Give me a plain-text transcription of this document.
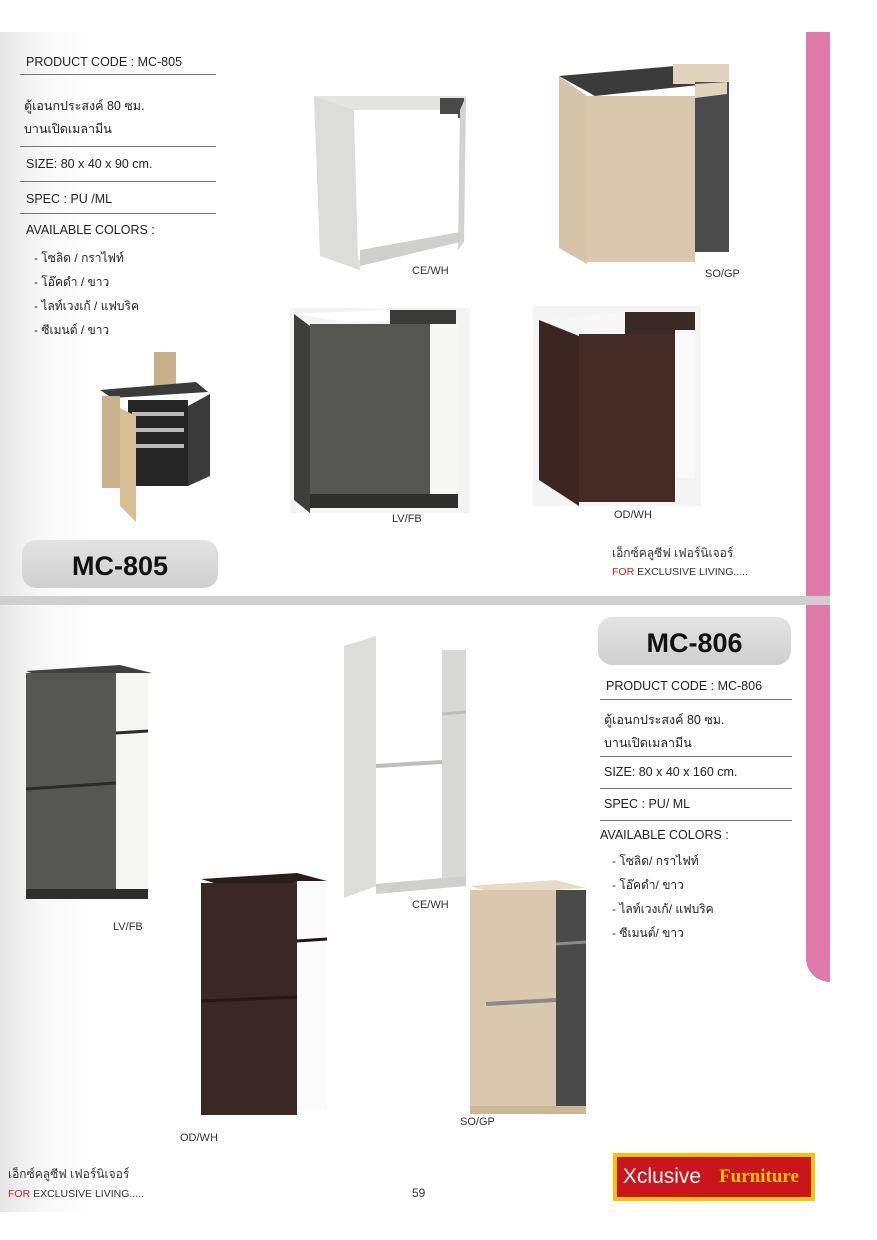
PRODUCT CODE : MC-805
ตู้เอนกประสงค์ 80 ซม.
บานเปิดเมลามีน
SIZE: 80 x 40 x 90 cm.
SPEC : PU /ML
AVAILABLE COLORS :
- โซลิด / กราไฟท์
- โอ๊คดำ / ขาว
- ไลท์เวงเก้ / แฟบริค
- ซีเมนต์ / ขาว
CE/WH	SO/GP
LV/FB	OD/WH
MC-805	เอ็กซ์คลูซีฟ เฟอร์นิเจอร์
FOR EXCLUSIVE LIVING.....
MC-806
PRODUCT CODE : MC-806
ตู้เอนกประสงค์ 80 ซม.
บานเปิดเมลามีน
SIZE: 80 x 40 x 160 cm.
SPEC : PU/ ML
AVAILABLE COLORS :
- โซลิด/ กราไฟท์
- โอ๊คดำ/ ขาว
- ไลท์เวงเก้/ แฟบริค
- ซีเมนต์/ ขาว
LV/FB
CE/WH
OD/WH
SO/GP
เอ็กซ์คลูซีฟ เฟอร์นิเจอร์
FOR EXCLUSIVE LIVING.....	59
Xclusive Furniture
